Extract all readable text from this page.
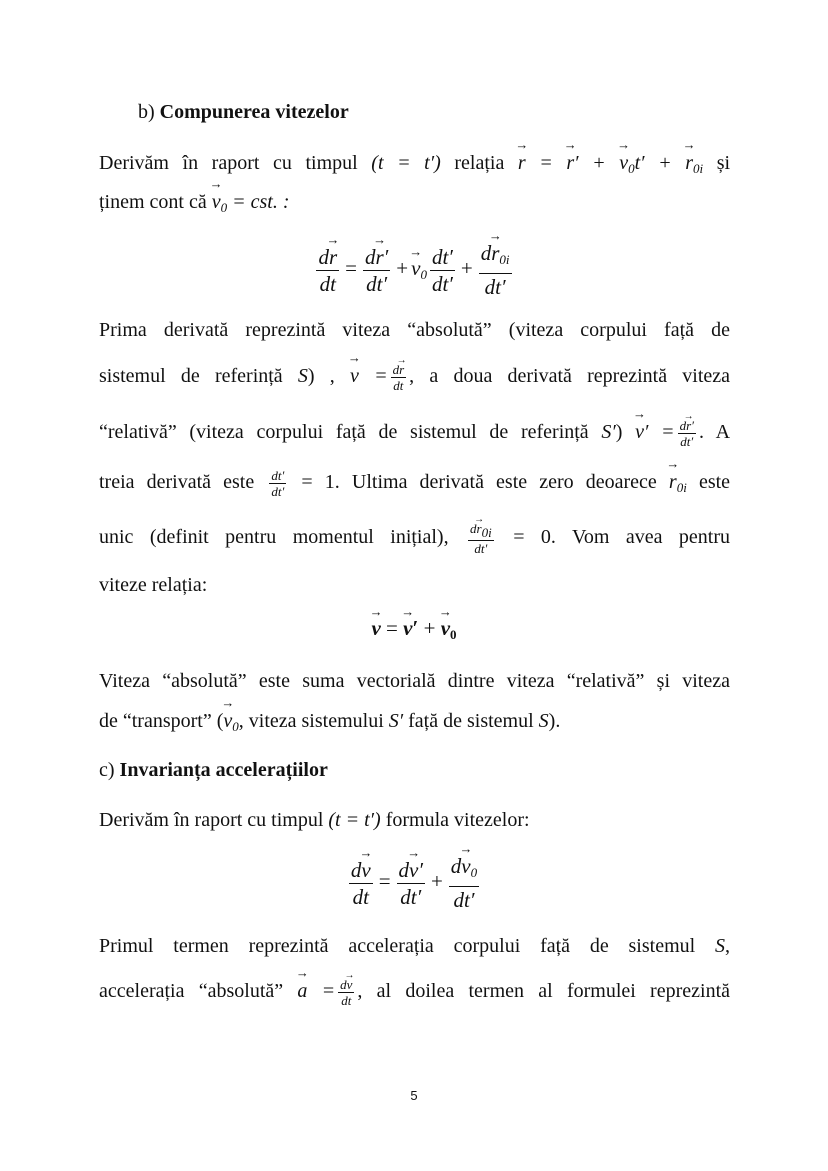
b) Compunerea vitezelor
Derivăm în raport cu timpul (t = t′) relația → r = → r′ + → $v_0t'$ + → $r_{0i}$ și
ținem cont că → $v_0$ = cst. :
$\frac{d\to r}{dt} = \frac{d\to r'}{dt'} +\to v_0 \frac{dt'}{dt'} + \frac{d\to r_{0i}}{dt'}$
Prima derivată reprezintă viteza “absolută” (viteza corpului față de
sistemul de referință S) , → $v = \frac{d\to r}{dt}$ , a doua derivată reprezintă viteza
“relativă” (viteza corpului față de sistemul de referință $S') \to v' = \frac{d\to r'}{dt'}$ . A
treia derivată este $\frac{dt'}{dt'} = 1$. Ultima derivată este zero deoarece → $r_{0i}$ este
unic (definit pentru momentul inițial), $\frac{d\to r_{0i}}{dt'} = 0$. Vom avea pentru
viteze relația:
→ v = → v′ + → $v_0$
Viteza “absolută” este suma vectorială dintre viteza “relativă” și viteza
de “transport” (→ $v_0$, viteza sistemului S′ față de sistemul S).
c) Invarianța accelerațiilor
Derivăm în raport cu timpul (t = t′) formula vitezelor:
$\frac{d\to v}{dt} = \frac{d\to v'}{dt'} + \frac{d\to v_0}{dt'}$
Primul termen reprezintă accelerația corpului față de sistemul S,
accelerația “absolută” → $a = \frac{d\to v}{dt}$ , al doilea termen al formulei reprezintă
5
